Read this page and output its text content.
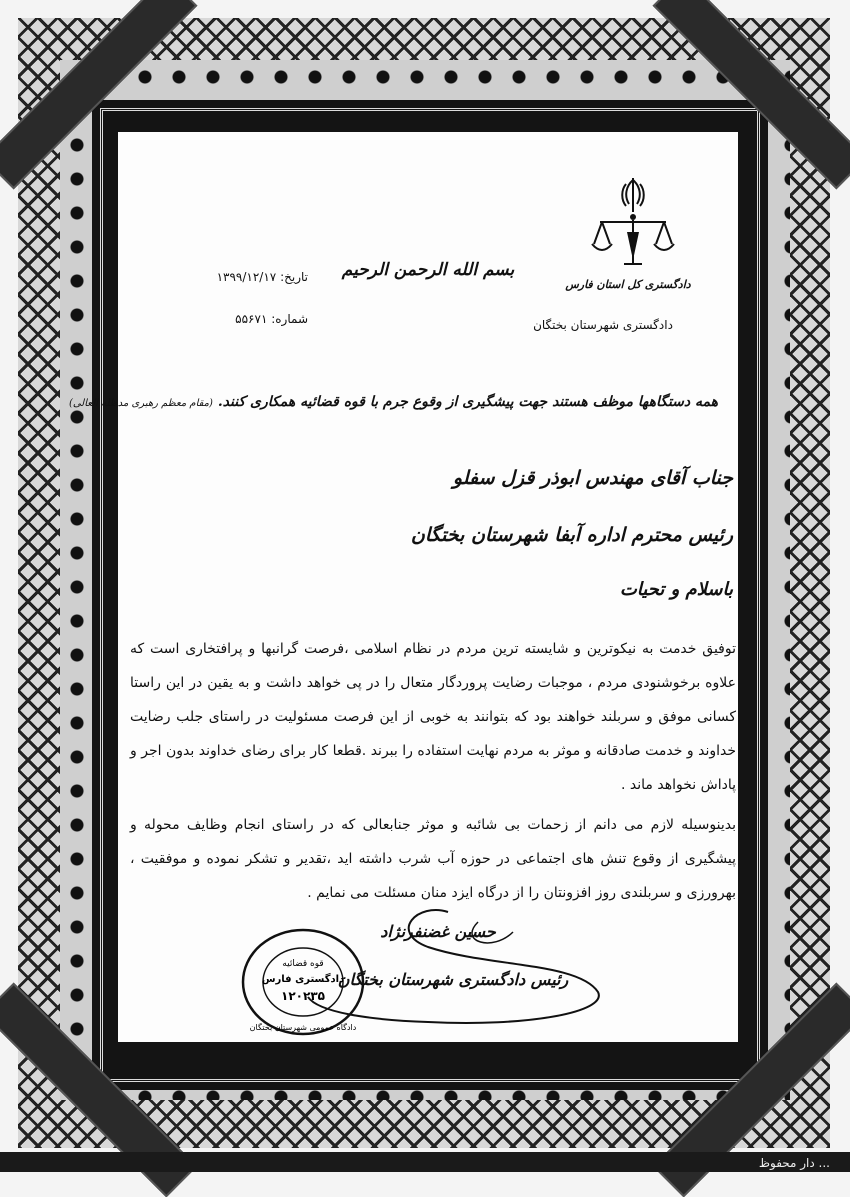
دادگستری کل استان فارس
دادگستری شهرستان بختگان
بسم الله الرحمن الرحیم
تاریخ: ۱۳۹۹/۱۲/۱۷
شماره: ۵۵۶۷۱
همه دستگاهها موظف هستند جهت پیشگیری از وقوع جرم با قوه قضائیه همکاری کنند. (مقام معظم رهبری مدظله العالی)
جناب آقای مهندس ابوذر قزل سفلو
رئیس محترم اداره آبفا شهرستان بختگان
باسلام و تحیات

توفیق خدمت به نیکوترین و شایسته ترین مردم در نظام اسلامی ،فرصت گرانبها و پرافتخاری است که علاوه برخوشنودی مردم ، موجبات رضایت پروردگار متعال را در پی خواهد داشت و به یقین در این راستا کسانی موفق و سربلند خواهند بود که بتوانند به خوبی از این فرصت مسئولیت در راستای جلب رضایت خداوند و خدمت صادقانه و موثر به مردم نهایت استفاده را ببرند .قطعا کار برای رضای خداوند بدون اجر و پاداش نخواهد ماند .

بدینوسیله لازم می دانم از زحمات بی شائبه و موثر جنابعالی که در راستای انجام وظایف محوله و پیشگیری از وقوع تنش های اجتماعی در حوزه آب شرب داشته اید ،تقدیر و تشکر نموده و موفقیت ، بهرورزی و سربلندی روز افزونتان را از درگاه ایزد منان مسئلت می نمایم .

حسین غضنفرنژاد
رئیس دادگستری شهرستان بختگان
قوه قضائیه
دادگستری فارس
۱۲۰۲۳۵
دادگاه عمومی شهرستان بختگان
... دار محفوظ
